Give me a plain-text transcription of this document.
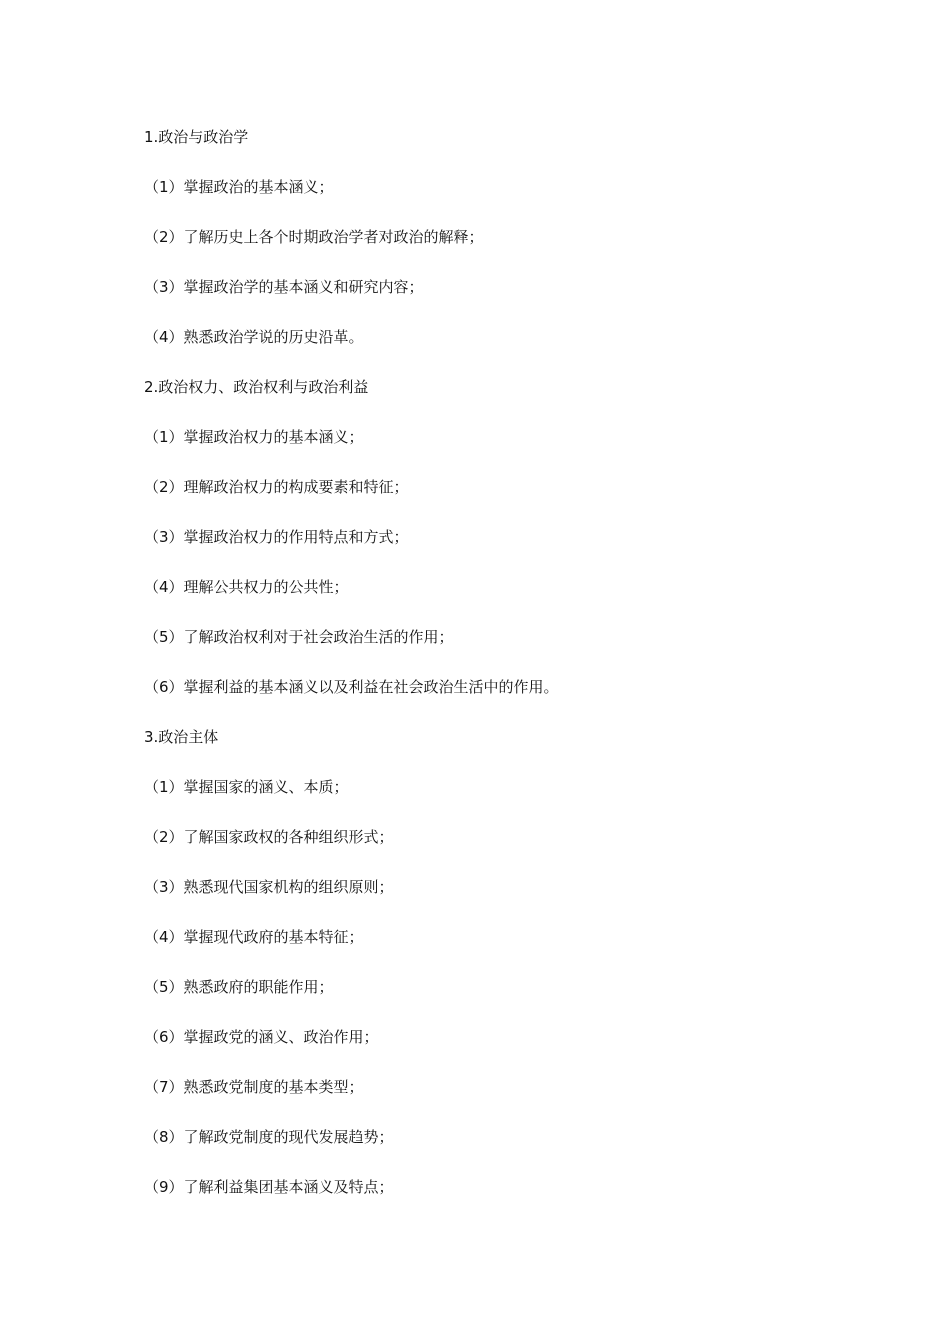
1.政治与政治学
（1）掌握政治的基本涵义；
（2）了解历史上各个时期政治学者对政治的解释；
（3）掌握政治学的基本涵义和研究内容；
（4）熟悉政治学说的历史沿革。
2.政治权力、政治权利与政治利益
（1）掌握政治权力的基本涵义；
（2）理解政治权力的构成要素和特征；
（3）掌握政治权力的作用特点和方式；
（4）理解公共权力的公共性；
（5）了解政治权利对于社会政治生活的作用；
（6）掌握利益的基本涵义以及利益在社会政治生活中的作用。
3.政治主体
（1）掌握国家的涵义、本质；
（2）了解国家政权的各种组织形式；
（3）熟悉现代国家机构的组织原则；
（4）掌握现代政府的基本特征；
（5）熟悉政府的职能作用；
（6）掌握政党的涵义、政治作用；
（7）熟悉政党制度的基本类型；
（8）了解政党制度的现代发展趋势；
（9）了解利益集团基本涵义及特点；
